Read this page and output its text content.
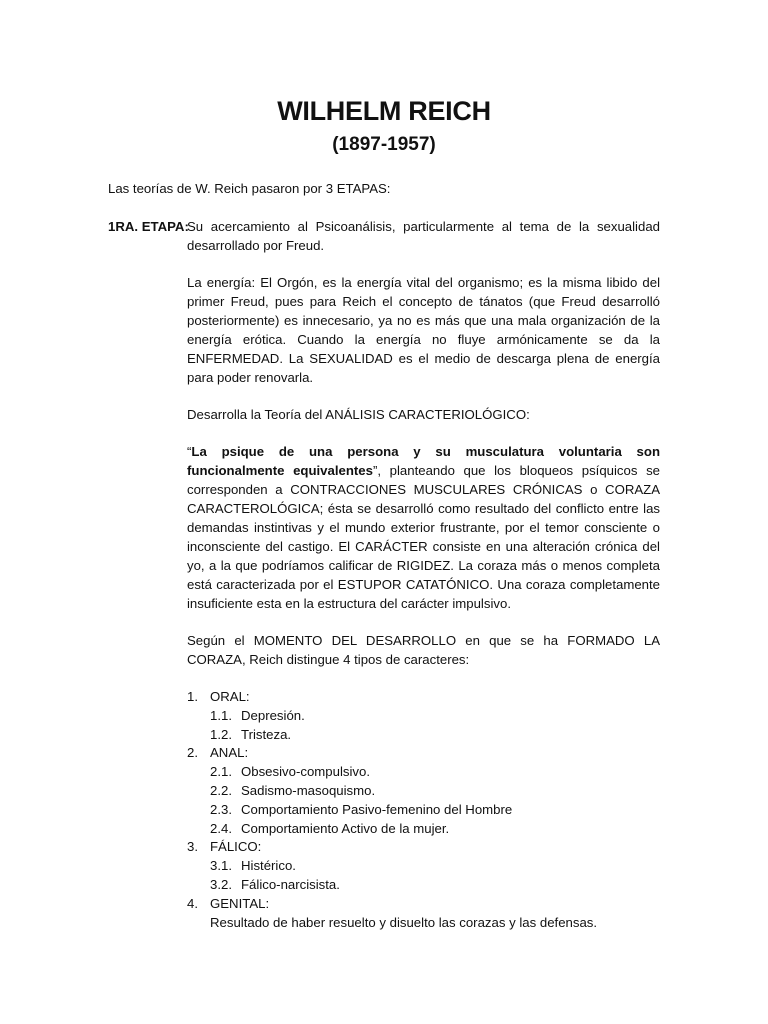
WILHELM REICH
(1897-1957)
Las teorías de W. Reich pasaron por 3 ETAPAS:
1RA. ETAPA:

Su acercamiento al Psicoanálisis, particularmente al tema de la sexualidad desarrollado por Freud.

La energía: El Orgón, es la energía vital del organismo; es la misma libido del primer Freud, pues para Reich el concepto de tánatos (que Freud desarrolló posteriormente) es innecesario, ya no es más que una mala organización de la energía erótica. Cuando la energía no fluye armónicamente se da la ENFERMEDAD. La SEXUALIDAD es el medio de descarga plena de energía para poder renovarla.

Desarrolla la Teoría del ANÁLISIS CARACTERIOLÓGICO:

“La psique de una persona y su musculatura voluntaria son funcionalmente equivalentes”, planteando que los bloqueos psíquicos se corresponden a CONTRACCIONES MUSCULARES CRÓNICAS o CORAZA CARACTEROLÓGICA; ésta se desarrolló como resultado del conflicto entre las demandas instintivas y el mundo exterior frustrante, por el temor consciente o inconsciente del castigo. El CARÁCTER consiste en una alteración crónica del yo, a la que podríamos calificar de RIGIDEZ. La coraza más o menos completa está caracterizada por el ESTUPOR CATATÓNICO. Una coraza completamente insuficiente esta en la estructura del carácter impulsivo.

Según el MOMENTO DEL DESARROLLO en que se ha FORMADO LA CORAZA, Reich distingue 4 tipos de caracteres:

1. ORAL:
1.1. Depresión.
1.2. Tristeza.
2. ANAL:
2.1. Obsesivo-compulsivo.
2.2. Sadismo-masoquismo.
2.3. Comportamiento Pasivo-femenino del Hombre
2.4. Comportamiento Activo de la mujer.
3. FÁLICO:
3.1. Histérico.
3.2. Fálico-narcisista.
4. GENITAL:
Resultado de haber resuelto y disuelto las corazas y las defensas.
